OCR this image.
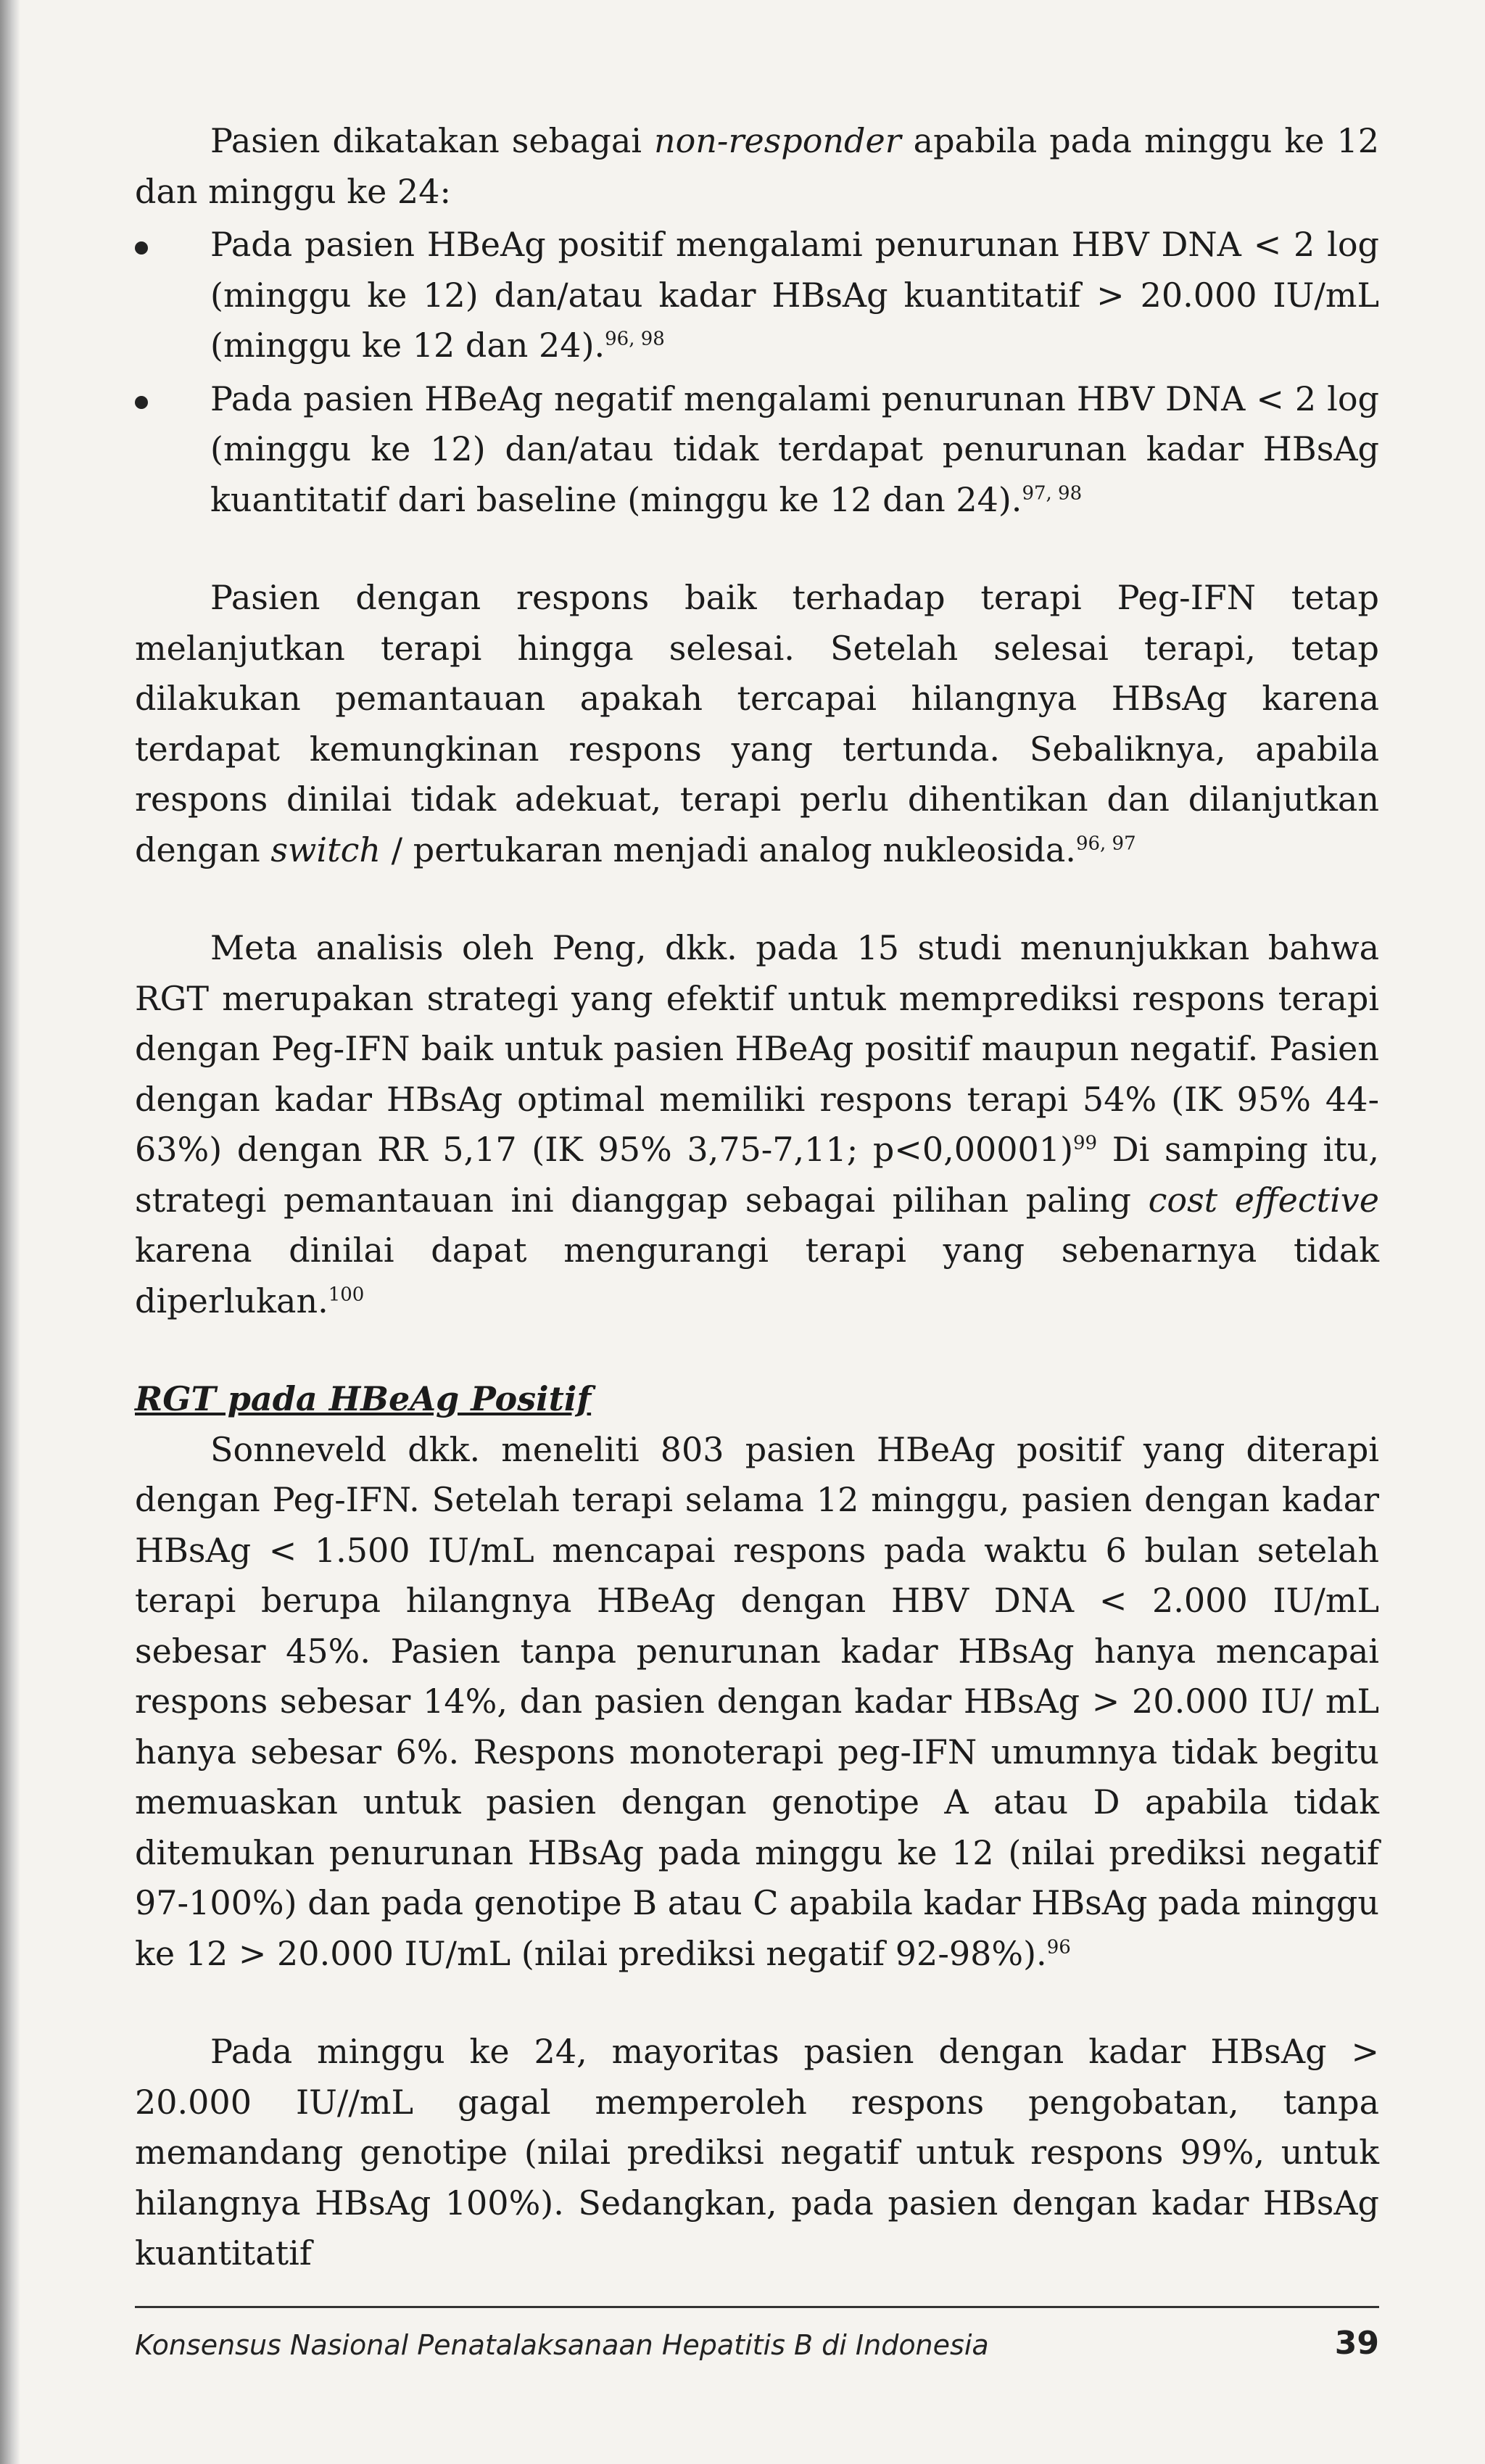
Pasien dikatakan sebagai non-responder apabila pada minggu ke 12 dan minggu ke 24:

Pada pasien HBeAg positif mengalami penurunan HBV DNA < 2 log (minggu ke 12) dan/atau kadar HBsAg kuantitatif > 20.000 IU/mL (minggu ke 12 dan 24).$^{96, 98}$
Pada pasien HBeAg negatif mengalami penurunan HBV DNA < 2 log (minggu ke 12) dan/atau tidak terdapat penurunan kadar HBsAg kuantitatif dari baseline (minggu ke 12 dan 24).$^{97, 98}$

Pasien dengan respons baik terhadap terapi Peg-IFN tetap melanjutkan terapi hingga selesai. Setelah selesai terapi, tetap dilakukan pemantauan apakah tercapai hilangnya HBsAg karena terdapat kemungkinan respons yang tertunda. Sebaliknya, apabila respons dinilai tidak adekuat, terapi perlu dihentikan dan dilanjutkan dengan switch / pertukaran menjadi analog nukleosida.$^{96, 97}$

Meta analisis oleh Peng, dkk. pada 15 studi menunjukkan bahwa RGT merupakan strategi yang efektif untuk memprediksi respons terapi dengan Peg-IFN baik untuk pasien HBeAg positif maupun negatif. Pasien dengan kadar HBsAg optimal memiliki respons terapi 54% (IK 95% 44-63%) dengan RR 5,17 (IK 95% 3,75-7,11; p<0,00001)$^{99}$ Di samping itu, strategi pemantauan ini dianggap sebagai pilihan paling cost effective karena dinilai dapat mengurangi terapi yang sebenarnya tidak diperlukan.$^{100}$

RGT pada HBeAg Positif

Sonneveld dkk. meneliti 803 pasien HBeAg positif yang diterapi dengan Peg-IFN. Setelah terapi selama 12 minggu, pasien dengan kadar HBsAg < 1.500 IU/mL mencapai respons pada waktu 6 bulan setelah terapi berupa hilangnya HBeAg dengan HBV DNA < 2.000 IU/mL sebesar 45%. Pasien tanpa penurunan kadar HBsAg hanya mencapai respons sebesar 14%, dan pasien dengan kadar HBsAg > 20.000 IU/ mL hanya sebesar 6%. Respons monoterapi peg-IFN umumnya tidak begitu memuaskan untuk pasien dengan genotipe A atau D apabila tidak ditemukan penurunan HBsAg pada minggu ke 12 (nilai prediksi negatif 97-100%) dan pada genotipe B atau C apabila kadar HBsAg pada minggu ke 12 > 20.000 IU/mL (nilai prediksi negatif 92-98%).$^{96}$

Pada minggu ke 24, mayoritas pasien dengan kadar HBsAg > 20.000 IU//mL gagal memperoleh respons pengobatan, tanpa memandang genotipe (nilai prediksi negatif untuk respons 99%, untuk hilangnya HBsAg 100%). Sedangkan, pada pasien dengan kadar HBsAg kuantitatif

Konsensus Nasional Penatalaksanaan Hepatitis B di Indonesia	39
